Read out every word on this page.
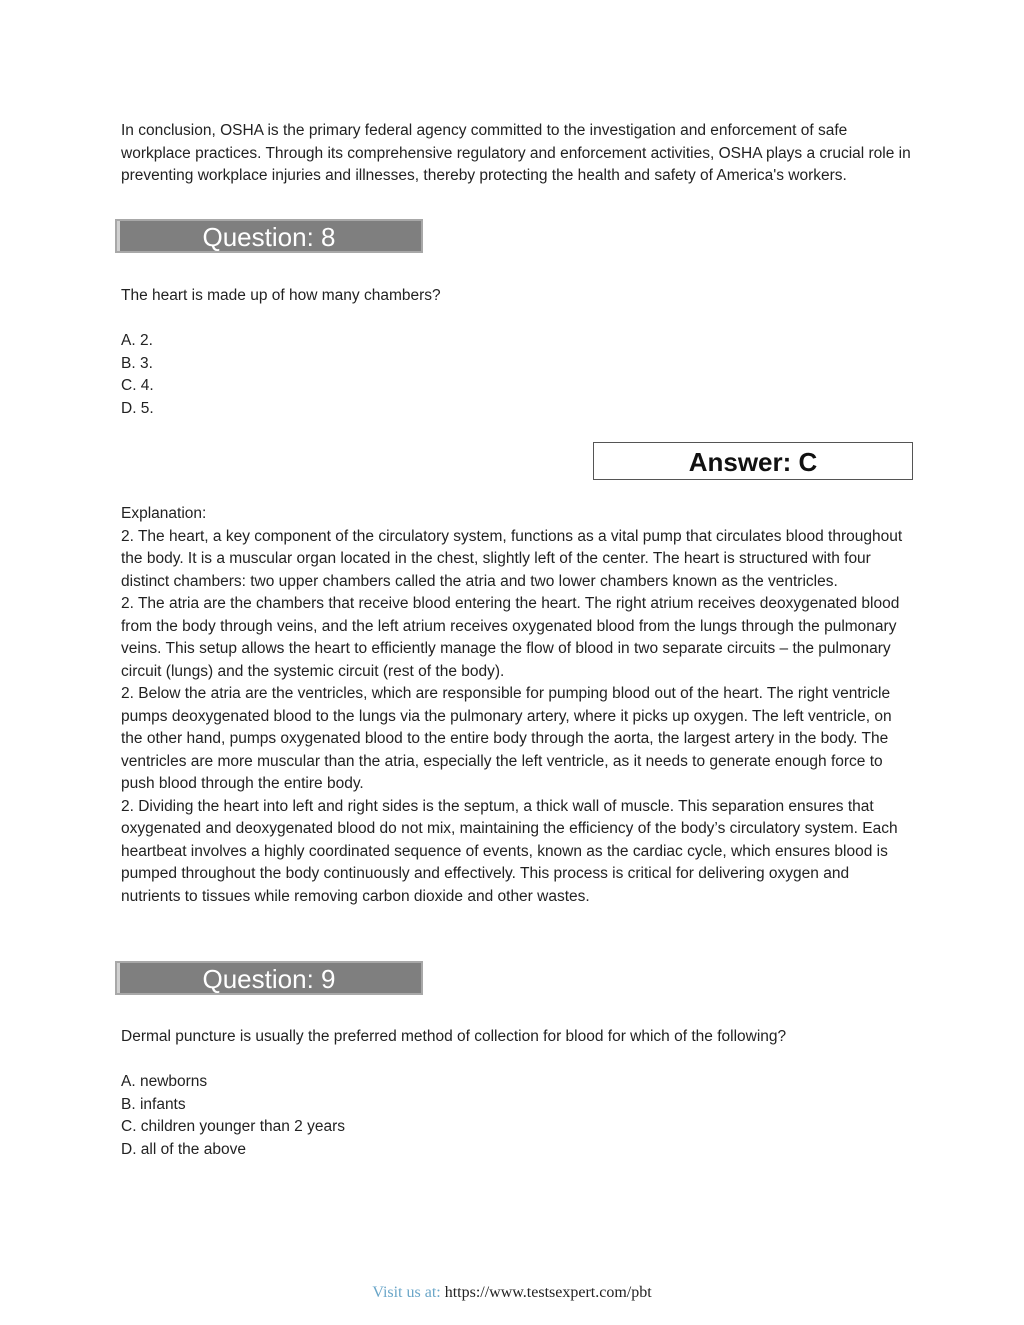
In conclusion, OSHA is the primary federal agency committed to the investigation and enforcement of safe workplace practices. Through its comprehensive regulatory and enforcement activities, OSHA plays a crucial role in preventing workplace injuries and illnesses, thereby protecting the health and safety of America's workers.

Question: 8

The heart is made up of how many chambers?

A. 2.
B. 3.
C. 4.
D. 5.
Answer: C

Explanation:

2. The heart, a key component of the circulatory system, functions as a vital pump that circulates blood throughout the body. It is a muscular organ located in the chest, slightly left of the center. The heart is structured with four distinct chambers: two upper chambers called the atria and two lower chambers known as the ventricles.

2. The atria are the chambers that receive blood entering the heart. The right atrium receives deoxygenated blood from the body through veins, and the left atrium receives oxygenated blood from the lungs through the pulmonary veins. This setup allows the heart to efficiently manage the flow of blood in two separate circuits – the pulmonary circuit (lungs) and the systemic circuit (rest of the body).

2. Below the atria are the ventricles, which are responsible for pumping blood out of the heart. The right ventricle pumps deoxygenated blood to the lungs via the pulmonary artery, where it picks up oxygen. The left ventricle, on the other hand, pumps oxygenated blood to the entire body through the aorta, the largest artery in the body. The ventricles are more muscular than the atria, especially the left ventricle, as it needs to generate enough force to push blood through the entire body.

2. Dividing the heart into left and right sides is the septum, a thick wall of muscle. This separation ensures that oxygenated and deoxygenated blood do not mix, maintaining the efficiency of the body’s circulatory system. Each heartbeat involves a highly coordinated sequence of events, known as the cardiac cycle, which ensures blood is pumped throughout the body continuously and effectively. This process is critical for delivering oxygen and nutrients to tissues while removing carbon dioxide and other wastes.

Question: 9

Dermal puncture is usually the preferred method of collection for blood for which of the following?

A. newborns
B. infants
C. children younger than 2 years
D. all of the above
Visit us at: https://www.testsexpert.com/pbt
